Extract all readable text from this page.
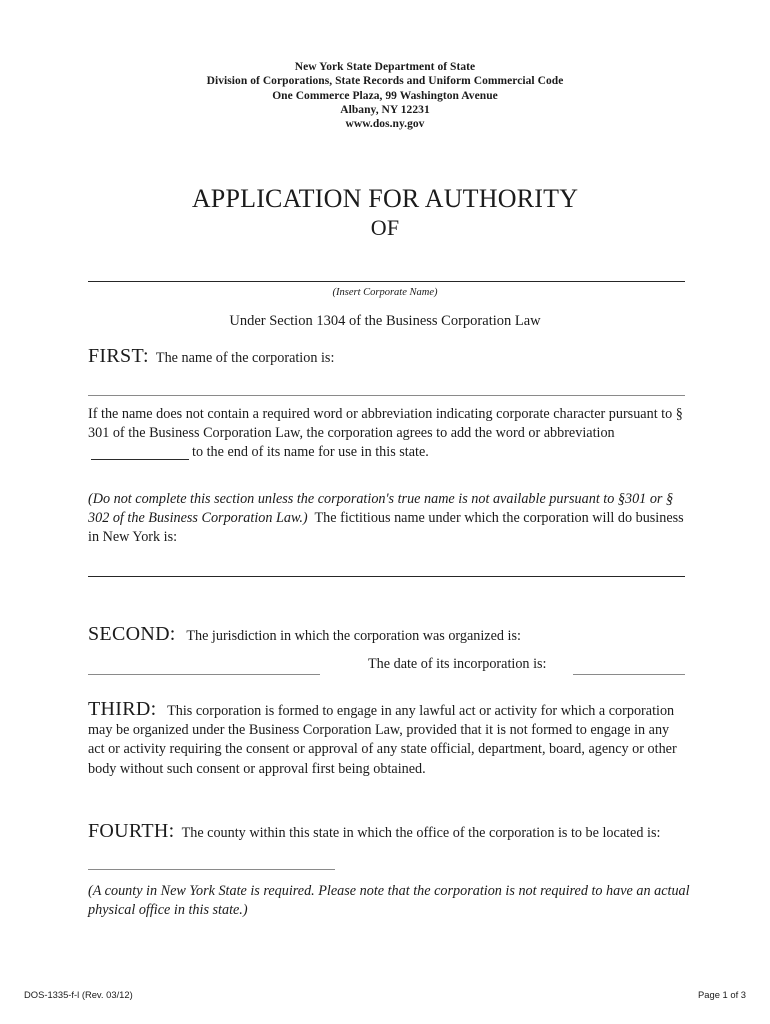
New York State Department of State
Division of Corporations, State Records and Uniform Commercial Code
One Commerce Plaza, 99 Washington Avenue
Albany, NY 12231
www.dos.ny.gov
APPLICATION FOR AUTHORITY
OF
(Insert Corporate Name)
Under Section 1304 of the Business Corporation Law
FIRST: The name of the corporation is:
If the name does not contain a required word or abbreviation indicating corporate character pursuant to § 301 of the Business Corporation Law, the corporation agrees to add the word or abbreviationto the end of its name for use in this state.
(Do not complete this section unless the corporation's true name is not available pursuant to §301 or § 302 of the Business Corporation Law.) The fictitious name under which the corporation will do business in New York is:
SECOND: The jurisdiction in which the corporation was organized is:
The date of its incorporation is:
THIRD: This corporation is formed to engage in any lawful act or activity for which a corporation may be organized under the Business Corporation Law, provided that it is not formed to engage in any act or activity requiring the consent or approval of any state official, department, board, agency or other body without such consent or approval first being obtained.
FOURTH: The county within this state in which the office of the corporation is to be located is:
(A county in New York State is required. Please note that the corporation is not required to have an actual physical office in this state.)
DOS-1335-f-l (Rev. 03/12)	Page 1 of 3
